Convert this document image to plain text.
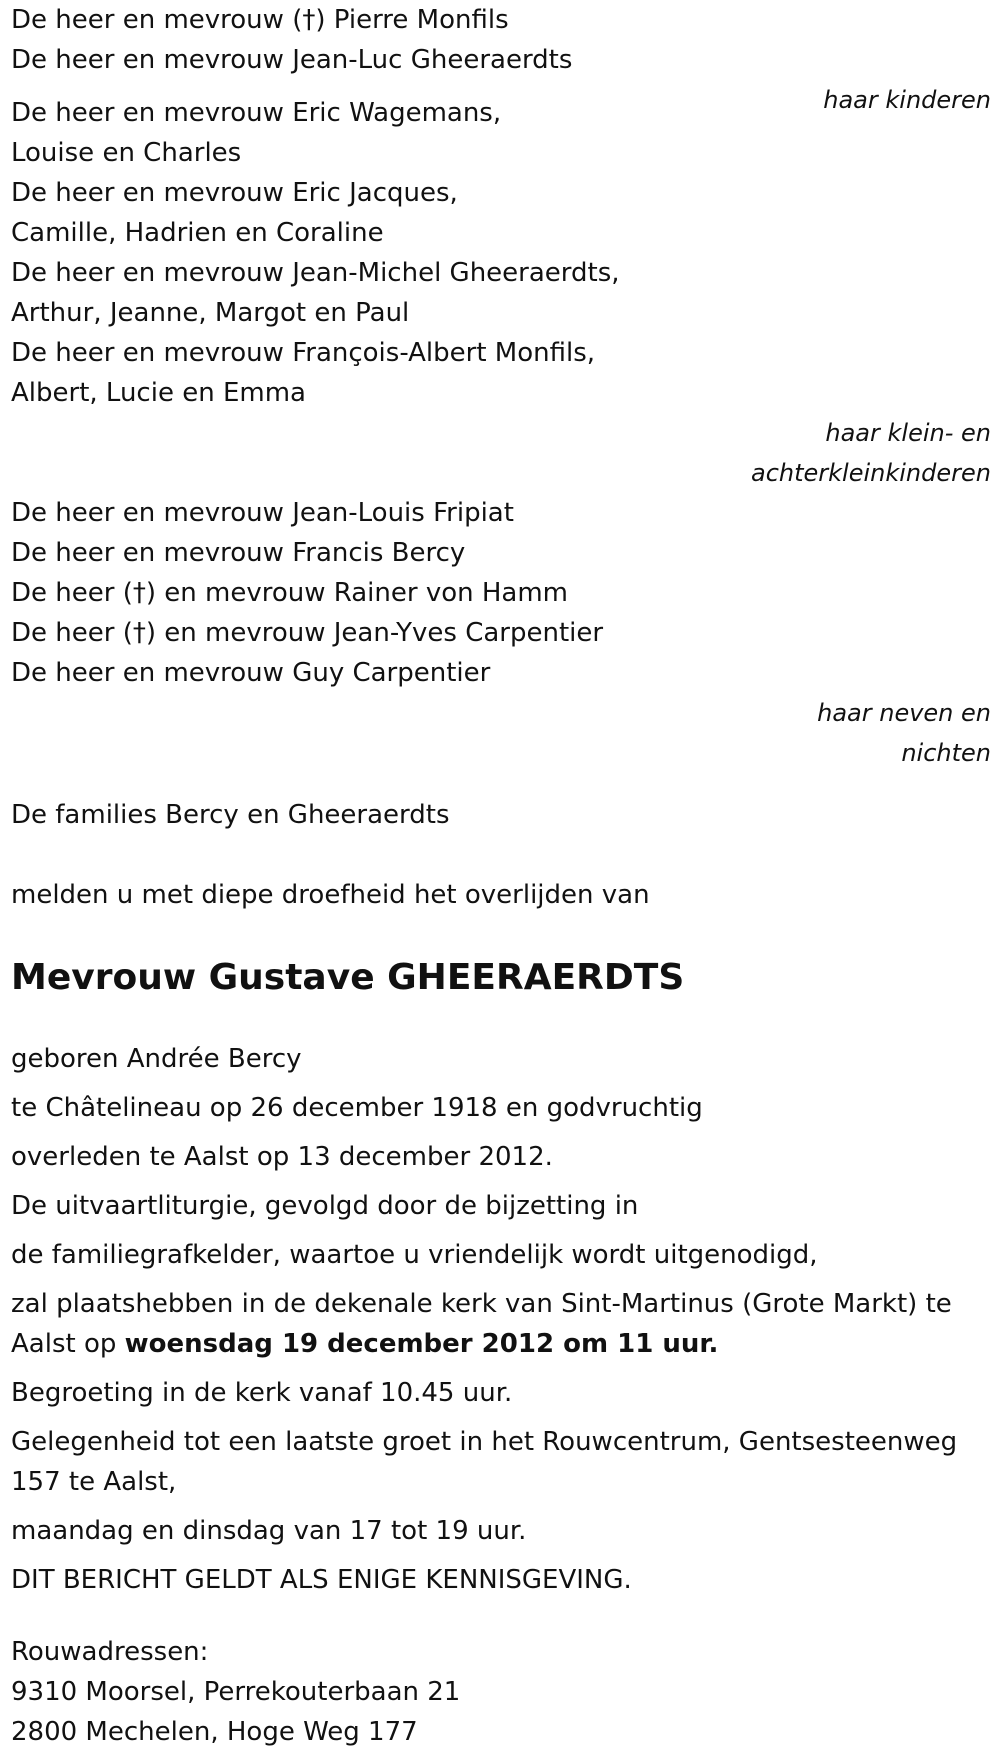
De heer en mevrouw (†) Pierre Monfils
De heer en mevrouw Jean-Luc Gheeraerdts
haar kinderen
De heer en mevrouw Eric Wagemans,
Louise en Charles
De heer en mevrouw Eric Jacques,
Camille, Hadrien en Coraline
De heer en mevrouw Jean-Michel Gheeraerdts,
Arthur, Jeanne, Margot en Paul
De heer en mevrouw François-Albert Monfils,
Albert, Lucie en Emma
haar klein- en
achterkleinkinderen
De heer en mevrouw Jean-Louis Fripiat
De heer en mevrouw Francis Bercy
De heer (†) en mevrouw Rainer von Hamm
De heer (†) en mevrouw Jean-Yves Carpentier
De heer en mevrouw Guy Carpentier
haar neven en
nichten
De families Bercy en Gheeraerdts
melden u met diepe droefheid het overlijden van
Mevrouw Gustave GHEERAERDTS
geboren Andrée Bercy
te Châtelineau op 26 december 1918 en godvruchtig
overleden te Aalst op 13 december 2012.
De uitvaartliturgie, gevolgd door de bijzetting in
de familiegrafkelder, waartoe u vriendelijk wordt uitgenodigd,
zal plaatshebben in de dekenale kerk van Sint-Martinus (Grote Markt) te Aalst op woensdag 19 december 2012 om 11 uur.
Begroeting in de kerk vanaf 10.45 uur.
Gelegenheid tot een laatste groet in het Rouwcentrum, Gentsesteenweg 157 te Aalst,
maandag en dinsdag van 17 tot 19 uur.
DIT BERICHT GELDT ALS ENIGE KENNISGEVING.
Rouwadressen:
9310 Moorsel, Perrekouterbaan 21
2800 Mechelen, Hoge Weg 177
